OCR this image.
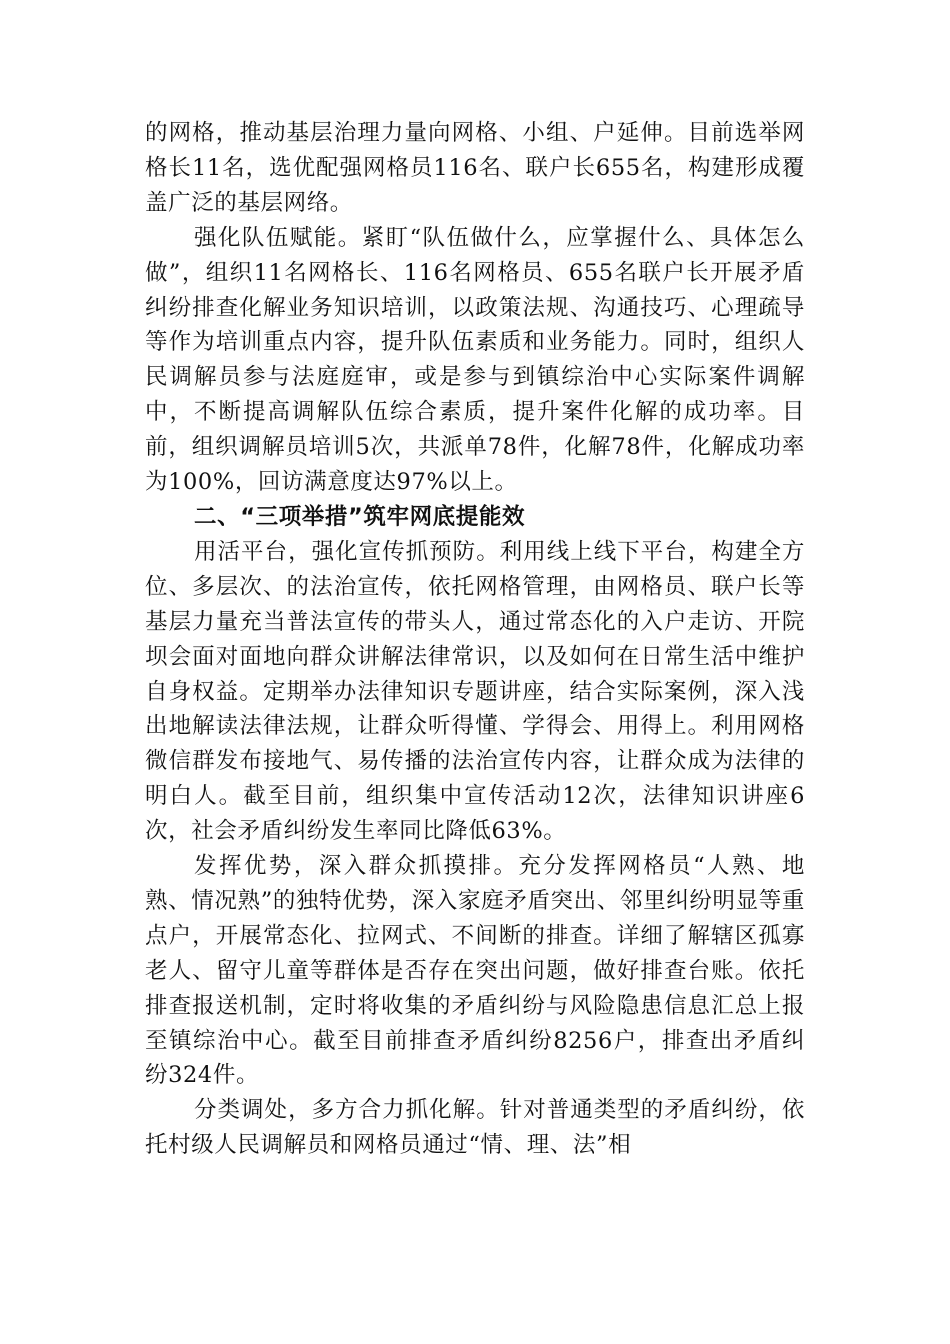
的网格，推动基层治理力量向网格、小组、户延伸。目前选举网格长11名，选优配强网格员116名、联户长655名，构建形成覆盖广泛的基层网络。

强化队伍赋能。紧盯“队伍做什么，应掌握什么、具体怎么做”，组织11名网格长、116名网格员、655名联户长开展矛盾纠纷排查化解业务知识培训，以政策法规、沟通技巧、心理疏导等作为培训重点内容，提升队伍素质和业务能力。同时，组织人民调解员参与法庭庭审，或是参与到镇综治中心实际案件调解中，不断提高调解队伍综合素质，提升案件化解的成功率。目前，组织调解员培训5次，共派单78件，化解78件，化解成功率为100%，回访满意度达97%以上。

二、“三项举措”筑牢网底提能效

用活平台，强化宣传抓预防。利用线上线下平台，构建全方位、多层次、的法治宣传，依托网格管理，由网格员、联户长等基层力量充当普法宣传的带头人，通过常态化的入户走访、开院坝会面对面地向群众讲解法律常识，以及如何在日常生活中维护自身权益。定期举办法律知识专题讲座，结合实际案例，深入浅出地解读法律法规，让群众听得懂、学得会、用得上。利用网格微信群发布接地气、易传播的法治宣传内容，让群众成为法律的明白人。截至目前，组织集中宣传活动12次，法律知识讲座6次，社会矛盾纠纷发生率同比降低63%。

发挥优势，深入群众抓摸排。充分发挥网格员“人熟、地熟、情况熟”的独特优势，深入家庭矛盾突出、邻里纠纷明显等重点户，开展常态化、拉网式、不间断的排查。详细了解辖区孤寡老人、留守儿童等群体是否存在突出问题，做好排查台账。依托排查报送机制，定时将收集的矛盾纠纷与风险隐患信息汇总上报至镇综治中心。截至目前排查矛盾纠纷8256户，排查出矛盾纠纷324件。

分类调处，多方合力抓化解。针对普通类型的矛盾纠纷，依托村级人民调解员和网格员通过“情、理、法”相
